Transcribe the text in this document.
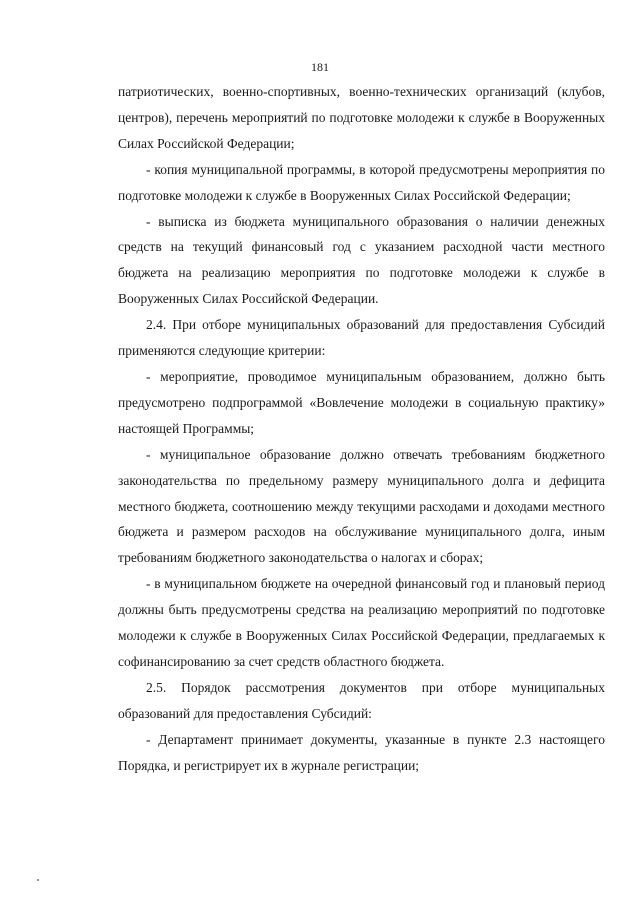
181

патриотических, военно-спортивных, военно-технических организаций (клубов, центров), перечень мероприятий по подготовке молодежи к службе в Вооруженных Силах Российской Федерации;

- копия муниципальной программы, в которой предусмотрены мероприятия по подготовке молодежи к службе в Вооруженных Силах Российской Федерации;

- выписка из бюджета муниципального образования о наличии денежных средств на текущий финансовый год с указанием расходной части местного бюджета на реализацию мероприятия по подготовке молодежи к службе в Вооруженных Силах Российской Федерации.

2.4. При отборе муниципальных образований для предоставления Субсидий применяются следующие критерии:

- мероприятие, проводимое муниципальным образованием, должно быть предусмотрено подпрограммой «Вовлечение молодежи в социальную практику» настоящей Программы;

- муниципальное образование должно отвечать требованиям бюджетного законодательства по предельному размеру муниципального долга и дефицита местного бюджета, соотношению между текущими расходами и доходами местного бюджета и размером расходов на обслуживание муниципального долга, иным требованиям бюджетного законодательства о налогах и сборах;

- в муниципальном бюджете на очередной финансовый год и плановый период должны быть предусмотрены средства на реализацию мероприятий по подготовке молодежи к службе в Вооруженных Силах Российской Федерации, предлагаемых к софинансированию за счет средств областного бюджета.

2.5. Порядок рассмотрения документов при отборе муниципальных образований для предоставления Субсидий:

- Департамент принимает документы, указанные в пункте 2.3 настоящего Порядка, и регистрирует их в журнале регистрации;
